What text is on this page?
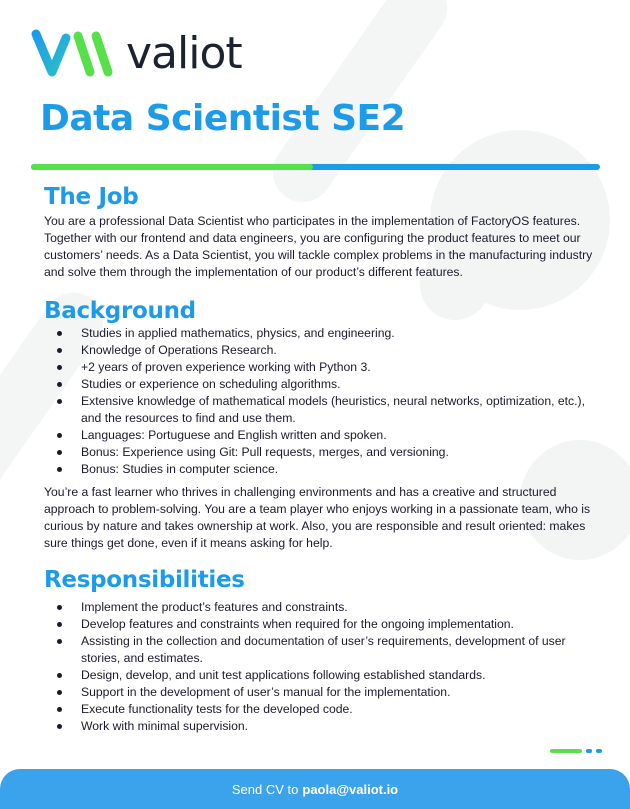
valiot
Data Scientist SE2
The Job

You are a professional Data Scientist who participates in the implementation of FactoryOS features. Together with our frontend and data engineers, you are configuring the product features to meet our customers’ needs. As a Data Scientist, you will tackle complex problems in the manufacturing industry and solve them through the implementation of our product’s different features.

Background
Studies in applied mathematics, physics, and engineering.
Knowledge of Operations Research.
+2 years of proven experience working with Python 3.
Studies or experience on scheduling algorithms.
Extensive knowledge of mathematical models (heuristics, neural networks, optimization, etc.), and the resources to find and use them.
Languages: Portuguese and English written and spoken.
Bonus: Experience using Git: Pull requests, merges, and versioning.
Bonus: Studies in computer science.

You’re a fast learner who thrives in challenging environments and has a creative and structured approach to problem-solving. You are a team player who enjoys working in a passionate team, who is curious by nature and takes ownership at work. Also, you are responsible and result oriented: makes sure things get done, even if it means asking for help.

Responsibilities
Implement the product’s features and constraints.
Develop features and constraints when required for the ongoing implementation.
Assisting in the collection and documentation of user’s requirements, development of user stories, and estimates.
Design, develop, and unit test applications following established standards.
Support in the development of user’s manual for the implementation.
Execute functionality tests for the developed code.
Work with minimal supervision.
Send CV to paola@valiot.io
